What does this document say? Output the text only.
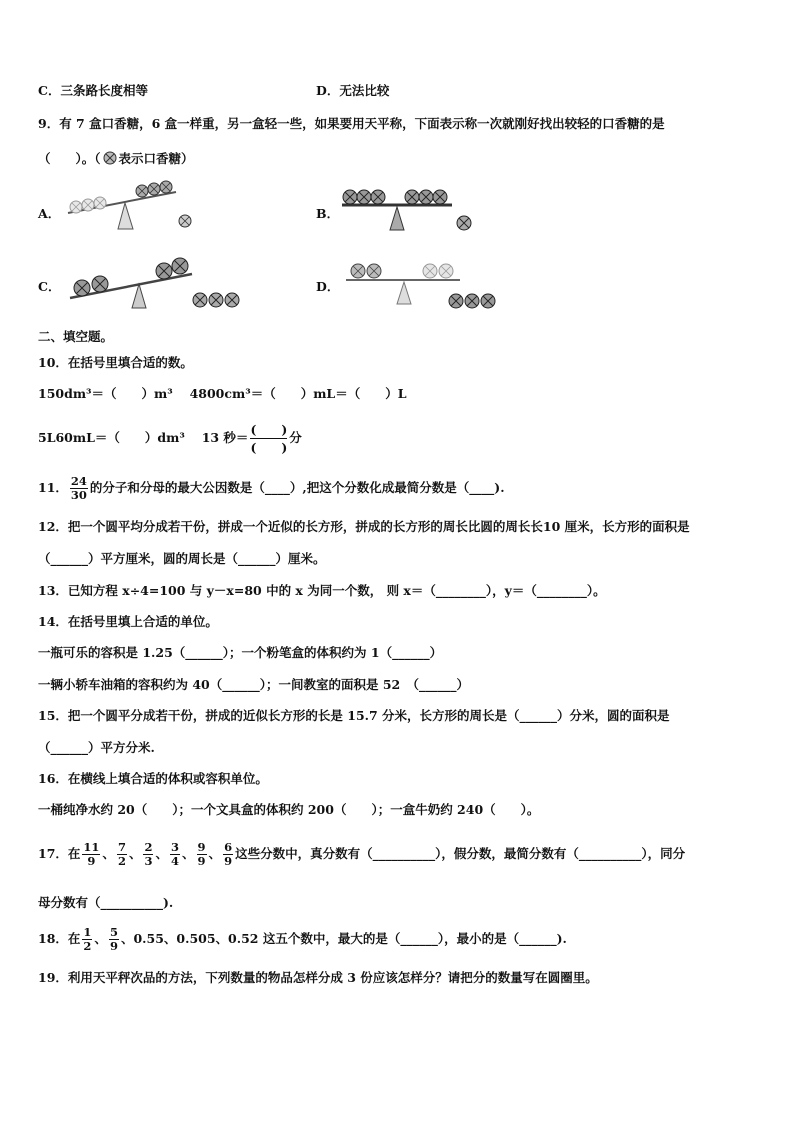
C．三条路长度相等	D．无法比较
9．有 7 盒口香糖，6 盒一样重，另一盒轻一些，如果要用天平称，下面表示称一次就刚好找出较轻的口香糖的是
（　　）。（ 表示口香糖）
A．	B．
C．	D．
二、填空题。
10．在括号里填合适的数。
150dm³＝（　　）m³　 4800cm³＝（　　）mL＝（　　）L
5L60mL＝（　　）dm³　 13 秒＝
(　　)
(　　)
分
11． $\frac{24}{30}$ 的分子和分母的最大公因数是（____）,把这个分数化成最简分数是（____).
12．把一个圆平均分成若干份，拼成一个近似的长方形，拼成的长方形的周长比圆的周长长10 厘米，长方形的面积是
（______）平方厘米，圆的周长是（______）厘米。
13．已知方程 x÷4=100 与 y－x=80 中的 x 为同一个数， 则 x＝（________），y＝（________）。
14．在括号里填上合适的单位。
一瓶可乐的容积是 1.25（______）；一个粉笔盒的体积约为 1（______）
一辆小轿车油箱的容积约为 40（______）；一间教室的面积是 52　（______）
15．把一个圆平分成若干份，拼成的近似长方形的长是 15.7 分米，长方形的周长是（______）分米，圆的面积是
（______）平方分米.
16．在横线上填合适的体积或容积单位。
一桶纯净水约 20（　　）；一个文具盒的体积约 200（　　）；一盒牛奶约 240（　　）。
17．在 $\frac{11}{9}$ 、 $\frac{7}{2}$ 、 $\frac{2}{3}$ 、 $\frac{3}{4}$ 、 $\frac{9}{9}$ 、 $\frac{6}{9}$ 这些分数中，真分数有（__________），假分数，最简分数有（__________），同分
母分数有（__________).
18．在 $\frac{1}{2}$ 、 $\frac{5}{9}$ 、0.55、0.505、0.52 这五个数中，最大的是（______），最小的是（______).
19．利用天平秤次品的方法，下列数量的物品怎样分成 3 份应该怎样分？请把分的数量写在圆圈里。
